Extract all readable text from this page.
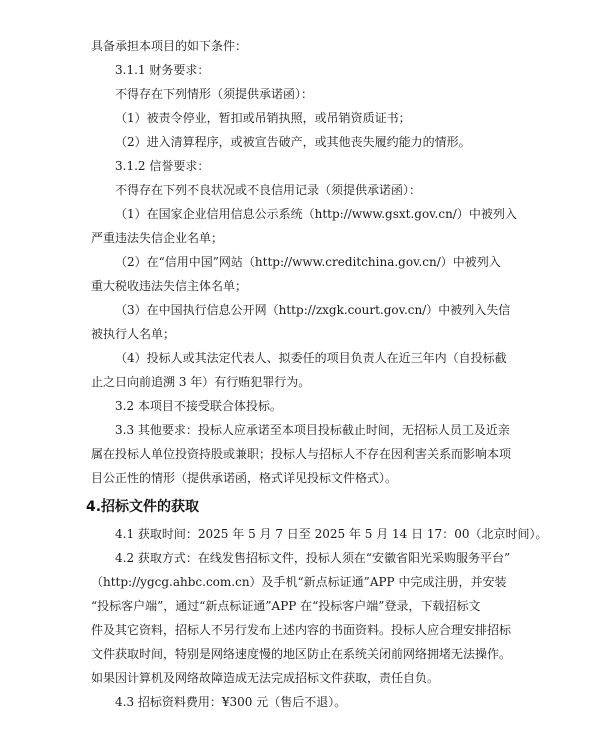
具备承担本项目的如下条件：
3.1.1 财务要求：
不得存在下列情形（须提供承诺函）：
（1）被责令停业，暂扣或吊销执照，或吊销资质证书；
（2）进入清算程序，或被宣告破产，或其他丧失履约能力的情形。
3.1.2 信誉要求：
不得存在下列不良状况或不良信用记录（须提供承诺函）：
（1）在国家企业信用信息公示系统（http://www.gsxt.gov.cn/）中被列入
严重违法失信企业名单；
（2）在“信用中国”网站（http://www.creditchina.gov.cn/）中被列入
重大税收违法失信主体名单；
（3）在中国执行信息公开网（http://zxgk.court.gov.cn/）中被列入失信
被执行人名单；
（4）投标人或其法定代表人、拟委任的项目负责人在近三年内（自投标截
止之日向前追溯 3 年）有行贿犯罪行为。
3.2 本项目不接受联合体投标。
3.3 其他要求：投标人应承诺至本项目投标截止时间，无招标人员工及近亲
属在投标人单位投资持股或兼职；投标人与招标人不存在因利害关系而影响本项
目公正性的情形（提供承诺函，格式详见投标文件格式）。
4.招标文件的获取
4.1 获取时间：2025 年 5 月 7 日至 2025 年 5 月 14 日 17：00（北京时间）。
4.2 获取方式：在线发售招标文件，投标人须在“安徽省阳光采购服务平台”
（http://ygcg.ahbc.com.cn）及手机“新点标证通”APP 中完成注册，并安装
“投标客户端”，通过“新点标证通”APP 在“投标客户端”登录，下载招标文
件及其它资料，招标人不另行发布上述内容的书面资料。投标人应合理安排招标
文件获取时间，特别是网络速度慢的地区防止在系统关闭前网络拥堵无法操作。
如果因计算机及网络故障造成无法完成招标文件获取，责任自负。
4.3 招标资料费用：¥300 元（售后不退）。
